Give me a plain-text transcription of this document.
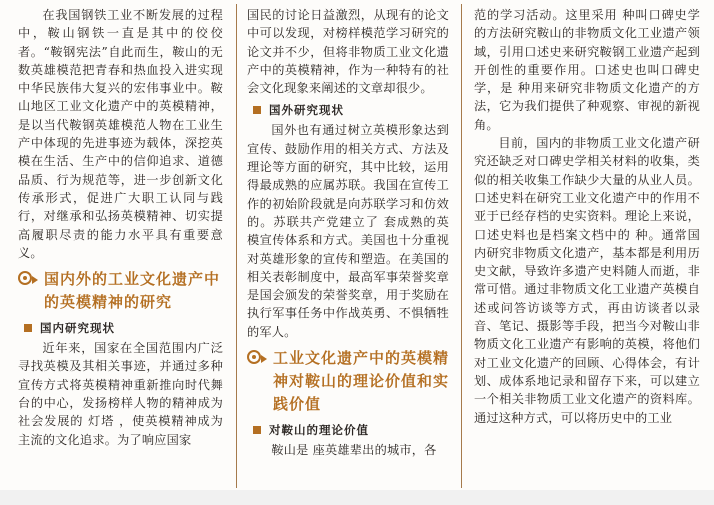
在我国钢铁工业不断发展的过程中，鞍山钢铁一直是其中的佼佼者。“鞍钢宪法”自此而生，鞍山的无数英雄模范把青春和热血投入进实现中华民族伟大复兴的宏伟事业中。鞍山地区工业文化遗产中的英模精神，是以当代鞍钢英雄模范人物在工业生产中体现的先进事迹为载体，深挖英模在生活、生产中的信仰追求、道德品质、行为规范等，进一步创新文化传承形式，促进广大职工认同与践行，对继承和弘扬英模精神、切实提高履职尽责的能力水平具有重要意义。

国内外的工业文化遗产中的英模精神的研究
国内研究现状

近年来，国家在全国范围内广泛寻找英模及其相关事迹，并通过多种宣传方式将英模精神重新推向时代舞台的中心，发扬榜样人物的精神成为社会发展的 灯塔 ，使英模精神成为主流的文化追求。为了响应国家

国民的讨论日益激烈，从现有的论文中可以发现，对榜样模范学习研究的论文并不少，但将非物质工业文化遗产中的英模精神，作为一种特有的社会文化现象来阐述的文章却很少。

国外研究现状

国外也有通过树立英模形象达到宣传、鼓励作用的相关方式、方法及理论等方面的研究，其中比较，运用得最成熟的应属苏联。我国在宣传工作的初始阶段就是向苏联学习和仿效的。苏联共产党建立了 套成熟的英模宣传体系和方式。美国也十分重视对英雄形象的宣传和塑造。在美国的相关表彰制度中，最高军事荣誉奖章是国会颁发的荣誉奖章，用于奖励在执行军事任务中作战英勇、不惧牺牲的军人。

工业文化遗产中的英模精神对鞍山的理论价值和实践价值
对鞍山的理论价值

鞍山是 座英雄辈出的城市，各

范的学习活动。这里采用 种叫口碑史学的方法研究鞍山的非物质文化工业遗产领域，引用口述史来研究鞍钢工业遗产起到开创性的重要作用。口述史也叫口碑史学，是 种用来研究非物质文化遗产的方法，它为我们提供了种观察、审视的新视角。

目前，国内的非物质工业文化遗产研究还缺乏对口碑史学相关材料的收集，类似的相关收集工作缺少大量的从业人员。口述史料在研究工业文化遗产中的作用不亚于已经存档的史实资料。理论上来说，口述史料也是档案文档中的 种。通常国内研究非物质文化遗产，基本都是利用历史文献，导致许多遗产史料随人而逝，非常可惜。通过非物质文化工业遗产英模自述或问答访谈等方式，再由访谈者以录音、笔记、摄影等手段，把当今对鞍山非物质文化工业遗产有影响的英模，将他们对工业文化遗产的回顾、心得体会，有计划、成体系地记录和留存下来，可以建立一个相关非物质工业文化遗产的资料库。通过这种方式，可以将历史中的工业
